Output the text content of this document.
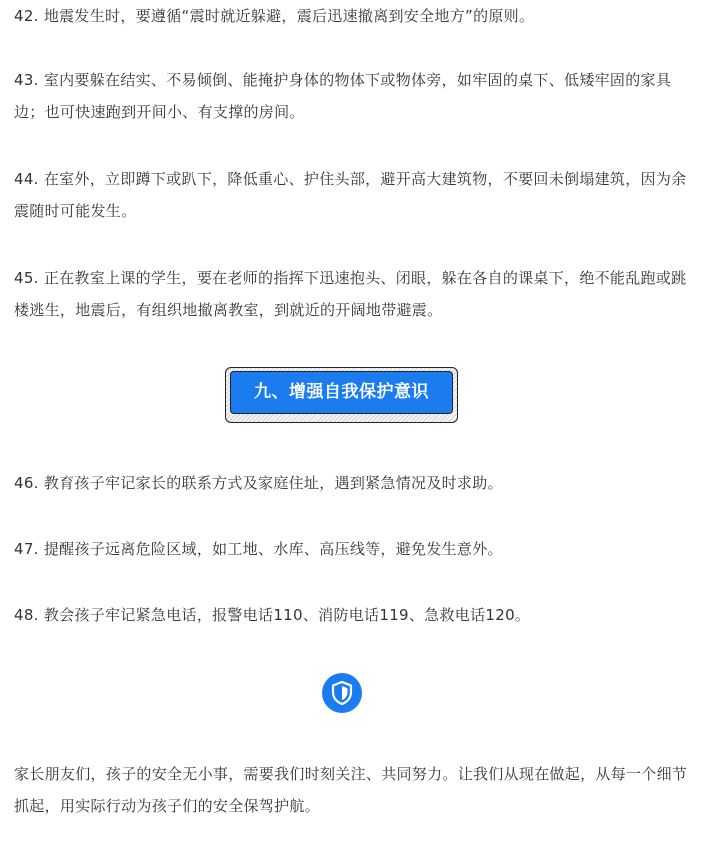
42. 地震发生时，要遵循“震时就近躲避，震后迅速撤离到安全地方”的原则。

43. 室内要躲在结实、不易倾倒、能掩护身体的物体下或物体旁，如牢固的桌下、低矮牢固的家具边；也可快速跑到开间小、有支撑的房间。

44. 在室外，立即蹲下或趴下，降低重心、护住头部，避开高大建筑物，不要回未倒塌建筑，因为余震随时可能发生。

45. 正在教室上课的学生，要在老师的指挥下迅速抱头、闭眼，躲在各自的课桌下，绝不能乱跑或跳楼逃生，地震后，有组织地撤离教室，到就近的开阔地带避震。

九、增强自我保护意识

46. 教育孩子牢记家长的联系方式及家庭住址，遇到紧急情况及时求助。

47. 提醒孩子远离危险区域，如工地、水库、高压线等，避免发生意外。

48. 教会孩子牢记紧急电话，报警电话110、消防电话119、急救电话120。

家长朋友们，孩子的安全无小事，需要我们时刻关注、共同努力。让我们从现在做起，从每一个细节抓起，用实际行动为孩子们的安全保驾护航。
